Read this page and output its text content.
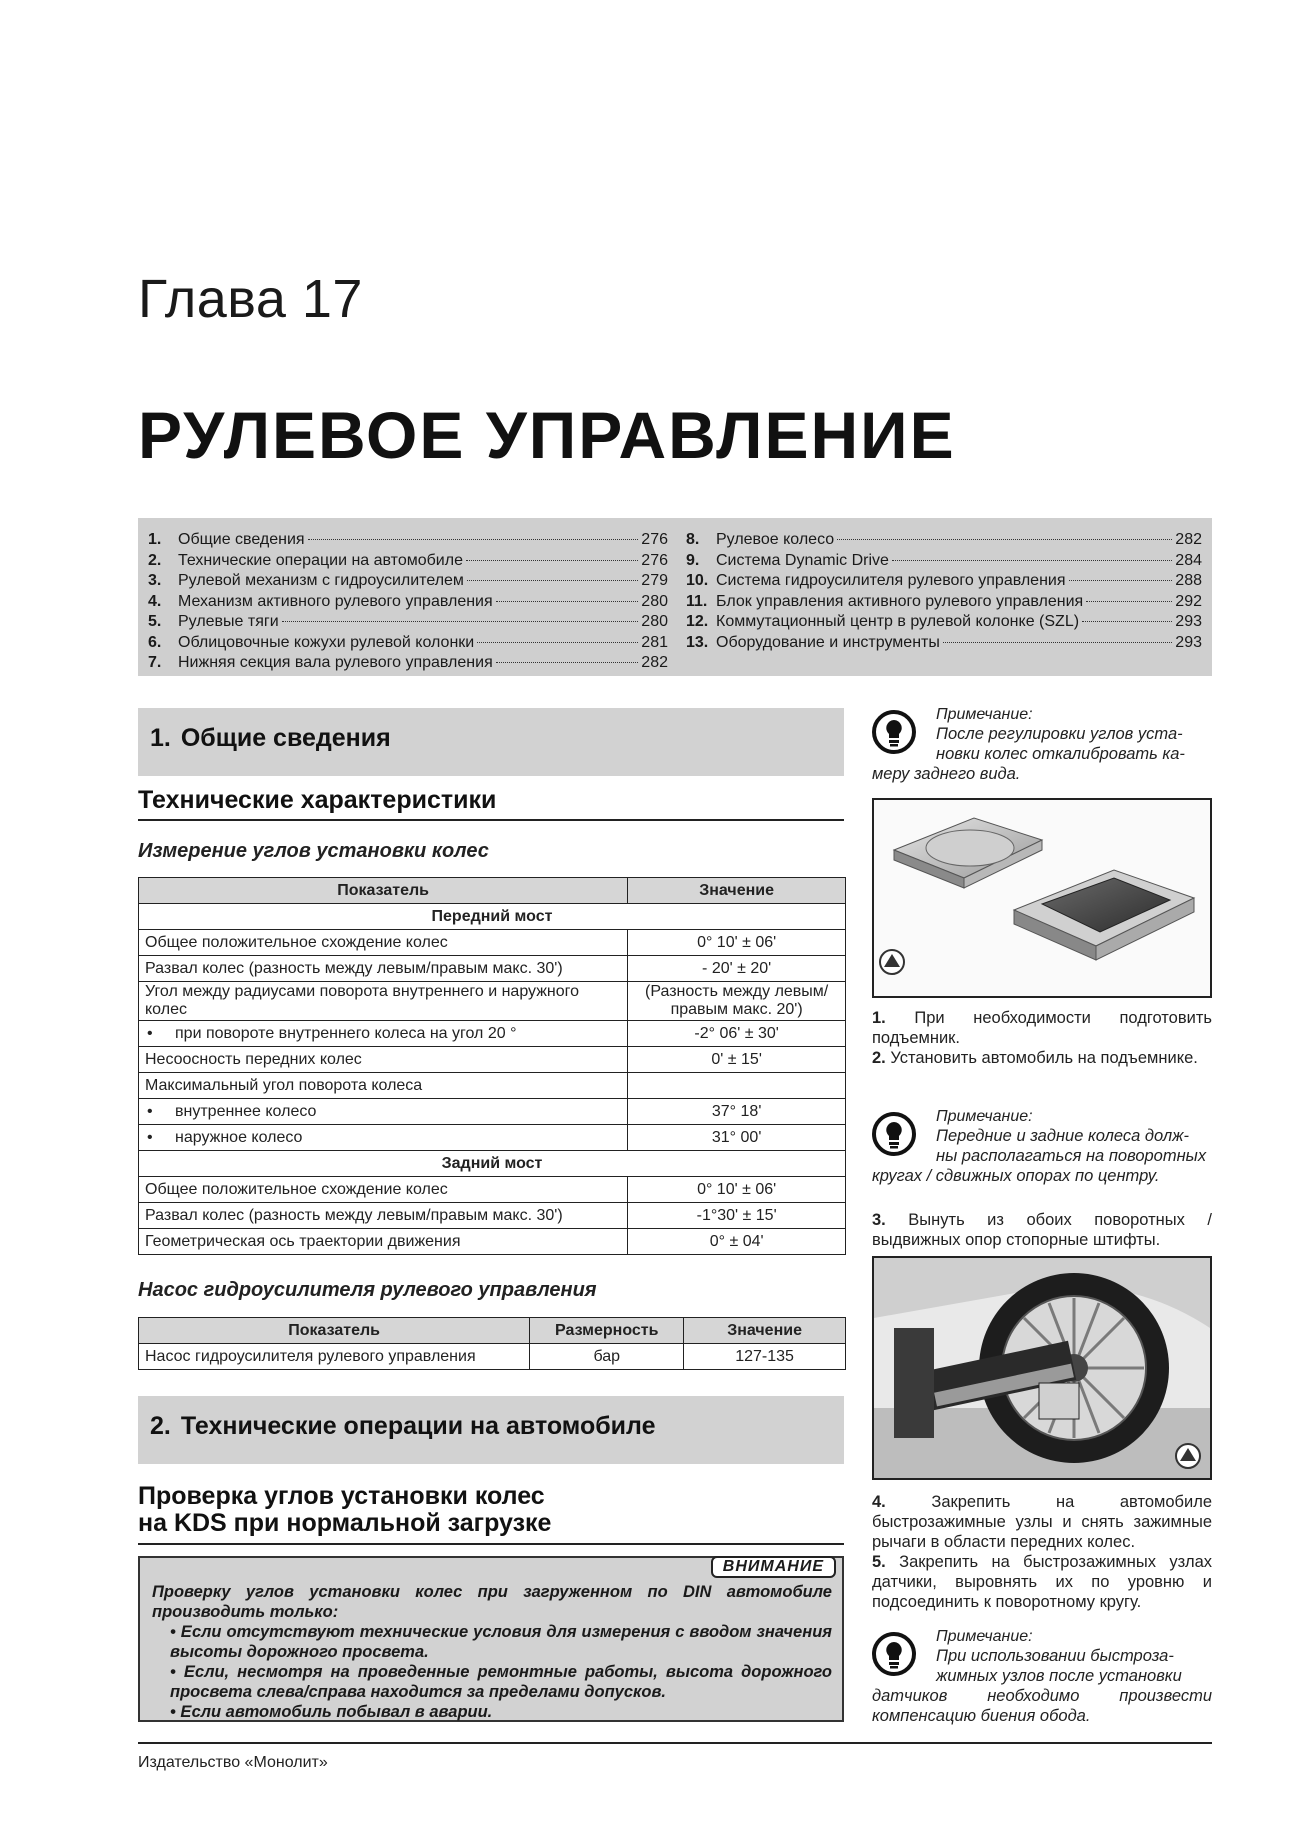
Глава 17
РУЛЕВОЕ УПРАВЛЕНИЕ
1.	Общие сведения	276
2.	Технические операции на автомобиле	276
3.	Рулевой механизм с гидроусилителем	279
4.	Механизм активного рулевого управления	280
5.	Рулевые тяги	280
6.	Облицовочные кожухи рулевой колонки	281
7.	Нижняя секция вала рулевого управления	282
8.	Рулевое колесо	282
9.	Система Dynamic Drive	284
10. Система гидроусилителя рулевого управления	288
11. Блок управления активного рулевого управления	292
12. Коммутационный центр в рулевой колонке (SZL)	293
13. Оборудование и инструменты	293
1. Общие сведения
Технические характеристики
Измерение углов установки колес
Показатель	Значение
Передний мост	
Общее положительное схождение колес	0° 10' ± 06'
Развал колес (разность между левым/правым макс. 30')	- 20' ± 20'
Угол между радиусами поворота внутреннего и наружного колес	(Разность между левым/правым макс. 20')
• при повороте внутреннего колеса на угол 20 °	-2° 06' ± 30'
Несоосность передних колес	0' ± 15'
Максимальный угол поворота колеса	
• внутреннее колесо	37° 18'
• наружное колесо	31° 00'
Задний мост	
Общее положительное схождение колес	0° 10' ± 06'
Развал колес (разность между левым/правым макс. 30')	-1°30' ± 15'
Геометрическая ось траектории движения	0° ± 04'
Насос гидроусилителя рулевого управления
Показатель	Размерность	Значение
Насос гидроусилителя рулевого управления	бар	127-135
2. Технические операции на автомобиле
Проверка углов установки колес
на KDS при нормальной загрузке
ВНИМАНИЕ

Проверку углов установки колес при загруженном по DIN автомобиле производить только:

• Если отсутствуют технические условия для измерения с вводом значения высоты дорожного просвета.

• Если, несмотря на проведенные ремонтные работы, высота дорожного просвета слева/справа находится за пределами допусков.

• Если автомобиль побывал в аварии.

Примечание:
После регулировки углов уста-
новки колес откалибровать ка-
меру заднего вида.

1. При необходимости подготовить подъемник.

2. Установить автомобиль на подъемнике.

Примечание:
Передние и задние колеса долж-
ны располагаться на поворотных
кругах / сдвижных опорах по центру.

3. Вынуть из обоих поворотных / выдвижных опор стопорные штифты.

4.	Закрепить на автомобиле быстрозажимные узлы и снять зажимные рычаги в области передних колес.

5. Закрепить на быстрозажимных узлах датчики, выровнять их по уровню и подсоединить к поворотному кругу.

Примечание:
При использовании быстроза-
жимных узлов после установки
датчиков необходимо произвести компенсацию биения обода.
Издательство «Монолит»
